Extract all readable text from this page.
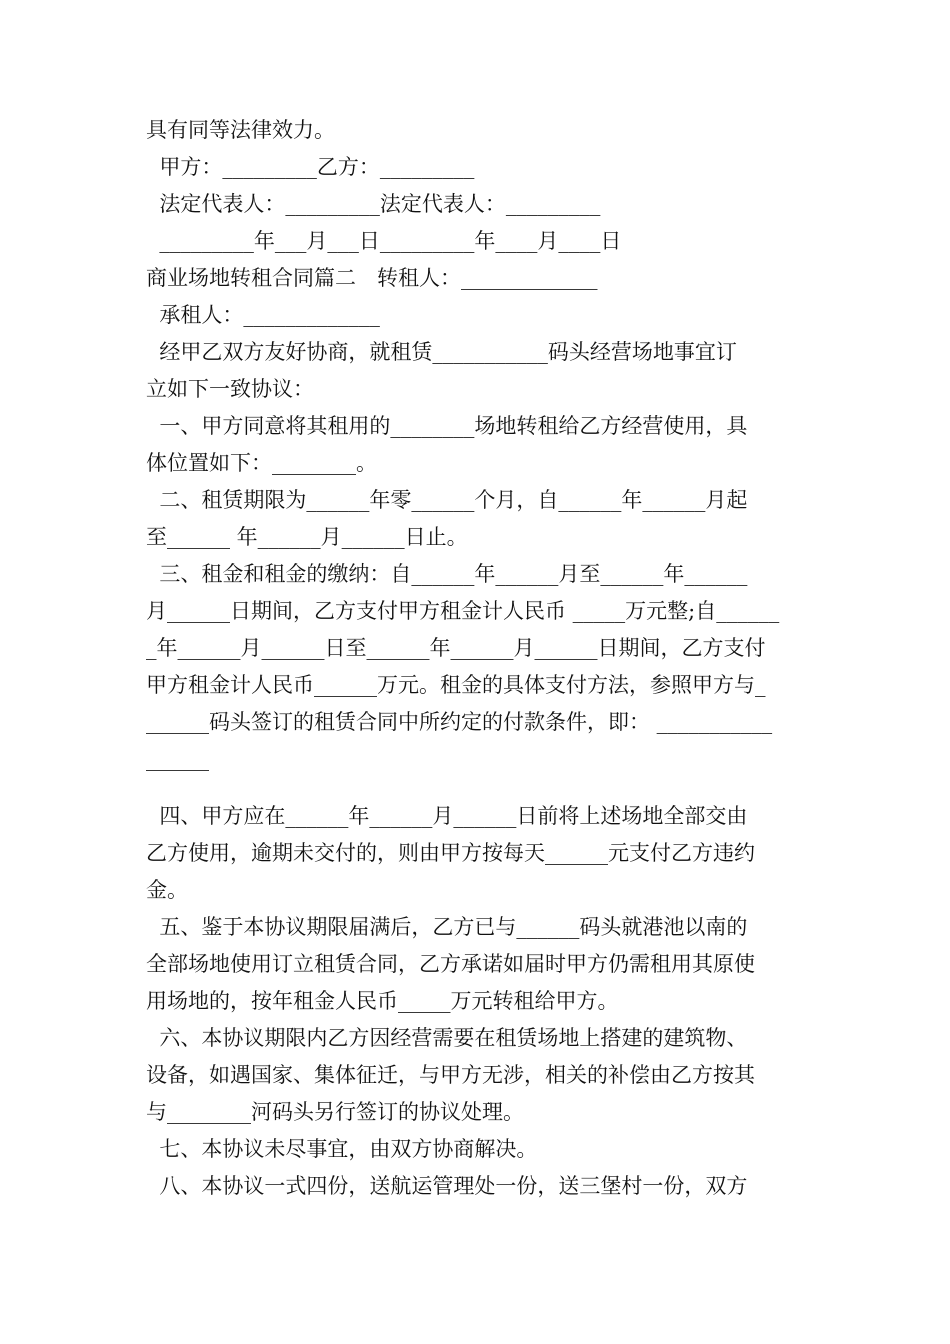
具有同等法律效力。
甲方：_________乙方：_________
法定代表人：_________法定代表人：_________
_________年___月___日_________年____月____日
商业场地转租合同篇二　转租人：_____________
承租人：_____________
经甲乙双方友好协商，就租赁___________码头经营场地事宜订
立如下一致协议：
一、甲方同意将其租用的________场地转租给乙方经营使用，具
体位置如下：________。
二、租赁期限为______年零______个月，自______年______月起
至______ 年______月______日止。
三、租金和租金的缴纳：自______年______月至______年______
月______日期间，乙方支付甲方租金计人民币 _____万元整;自______
_年______月______日至______年______月______日期间，乙方支付
甲方租金计人民币______万元。租金的具体支付方法，参照甲方与_
______码头签订的租赁合同中所约定的付款条件，即： ___________
______
四、甲方应在______年______月______日前将上述场地全部交由
乙方使用，逾期未交付的，则由甲方按每天______元支付乙方违约
金。
五、鉴于本协议期限届满后，乙方已与______码头就港池以南的
全部场地使用订立租赁合同，乙方承诺如届时甲方仍需租用其原使
用场地的，按年租金人民币_____万元转租给甲方。
六、本协议期限内乙方因经营需要在租赁场地上搭建的建筑物、
设备，如遇国家、集体征迁，与甲方无涉，相关的补偿由乙方按其
与________河码头另行签订的协议处理。
七、本协议未尽事宜，由双方协商解决。
八、本协议一式四份，送航运管理处一份，送三堡村一份，双方
